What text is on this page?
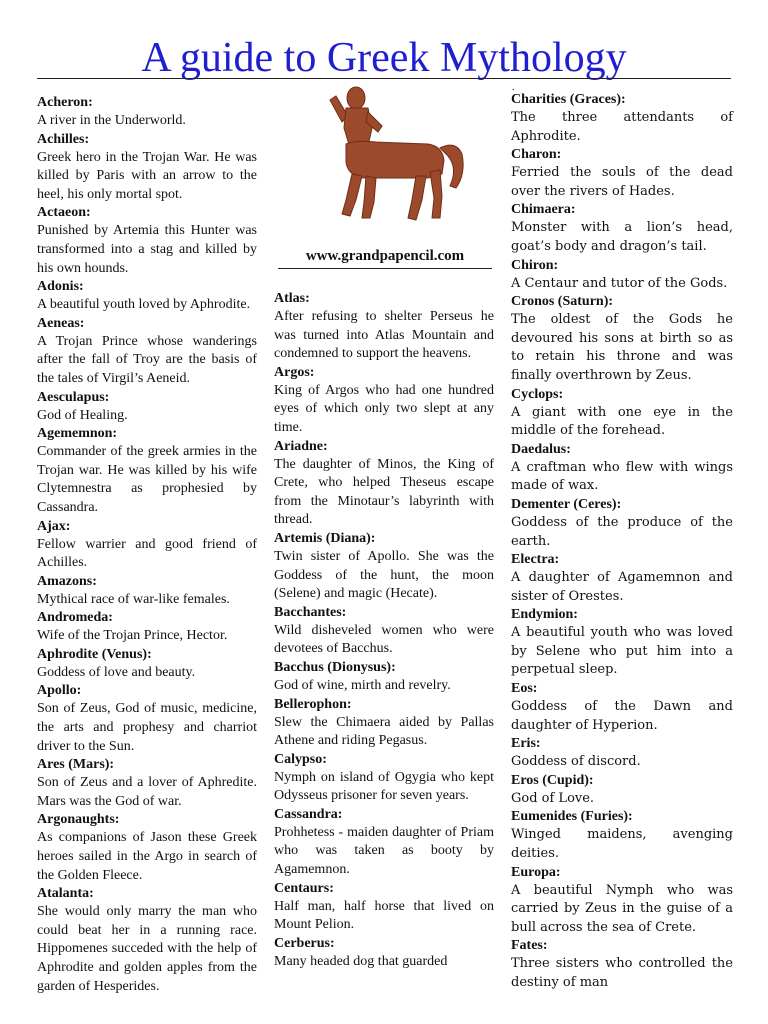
A guide to Greek Mythology
.
www.grandpapencil.com
Acheron:
A river in the Underworld.
Achilles:
Greek hero in the Trojan War. He was killed by Paris with an arrow to the heel, his only mortal spot.
Actaeon:
Punished by Artemia this Hunter was transformed into a stag and killed by his own hounds.
Adonis:
A beautiful youth loved by Aphrodite.
Aeneas:
A Trojan Prince whose wanderings after the fall of Troy are the basis of the tales of Virgil’s Aeneid.
Aesculapus:
God of Healing.
Agememnon:
Commander of the greek armies in the Trojan war. He was killed by his wife Clytemnestra as prophesied by Cassandra.
Ajax:
Fellow warrier and good friend of Achilles.
Amazons:
Mythical race of war-like females.
Andromeda:
Wife of the Trojan Prince, Hector.
Aphrodite (Venus):
Goddess of love and beauty.
Apollo:
Son of Zeus, God of music, medicine, the arts and prophesy and charriot driver to the Sun.
Ares (Mars):
Son of Zeus and a lover of Aphredite. Mars was the God of war.
Argonaughts:
As companions of Jason these Greek heroes sailed in the Argo in search of the Golden Fleece.
Atalanta:
She would only marry the man who could beat her in a running race. Hippomenes succeded with the help of Aphrodite and golden apples from the garden of Hesperides.
Atlas:
After refusing to shelter Perseus he was turned into Atlas Mountain and condemned to support the heavens.
Argos:
King of Argos who had one hundred eyes of which only two slept at any time.
Ariadne:
The daughter of Minos, the King of Crete, who helped Theseus escape from the Minotaur’s labyrinth with thread.
Artemis (Diana):
Twin sister of Apollo. She was the Goddess of the hunt, the moon (Selene) and magic (Hecate).
Bacchantes:
Wild disheveled women who were devotees of Bacchus.
Bacchus (Dionysus):
God of wine, mirth and revelry.
Bellerophon:
Slew the Chimaera aided by Pallas Athene and riding Pegasus.
Calypso:
Nymph on island of Ogygia who kept Odysseus prisoner for seven years.
Cassandra:
Prohhetess - maiden daughter of Priam who was taken as booty by Agamemnon.
Centaurs:
Half man, half horse that lived on Mount Pelion.
Cerberus:
Many headed dog that guarded
Charities (Graces):
The three attendants of Aphrodite.
Charon:
Ferried the souls of the dead over the rivers of Hades.
Chimaera:
Monster with a lion’s head, goat’s body and dragon’s tail.
Chiron:
A Centaur and tutor of the Gods.
Cronos (Saturn):
The oldest of the Gods he devoured his sons at birth so as to retain his throne and was finally overthrown by Zeus.
Cyclops:
A giant with one eye in the middle of the forehead.
Daedalus:
A craftman who flew with wings made of wax.
Dementer (Ceres):
Goddess of the produce of the earth.
Electra:
A daughter of Agamemnon and sister of Orestes.
Endymion:
A beautiful youth who was loved by Selene who put him into a perpetual sleep.
Eos:
Goddess of the Dawn and daughter of Hyperion.
Eris:
Goddess of discord.
Eros (Cupid):
God of Love.
Eumenides (Furies):
Winged maidens, avenging deities.
Europa:
A beautiful Nymph who was carried by Zeus in the guise of a bull across the sea of Crete.
Fates:
Three sisters who controlled the destiny of man
